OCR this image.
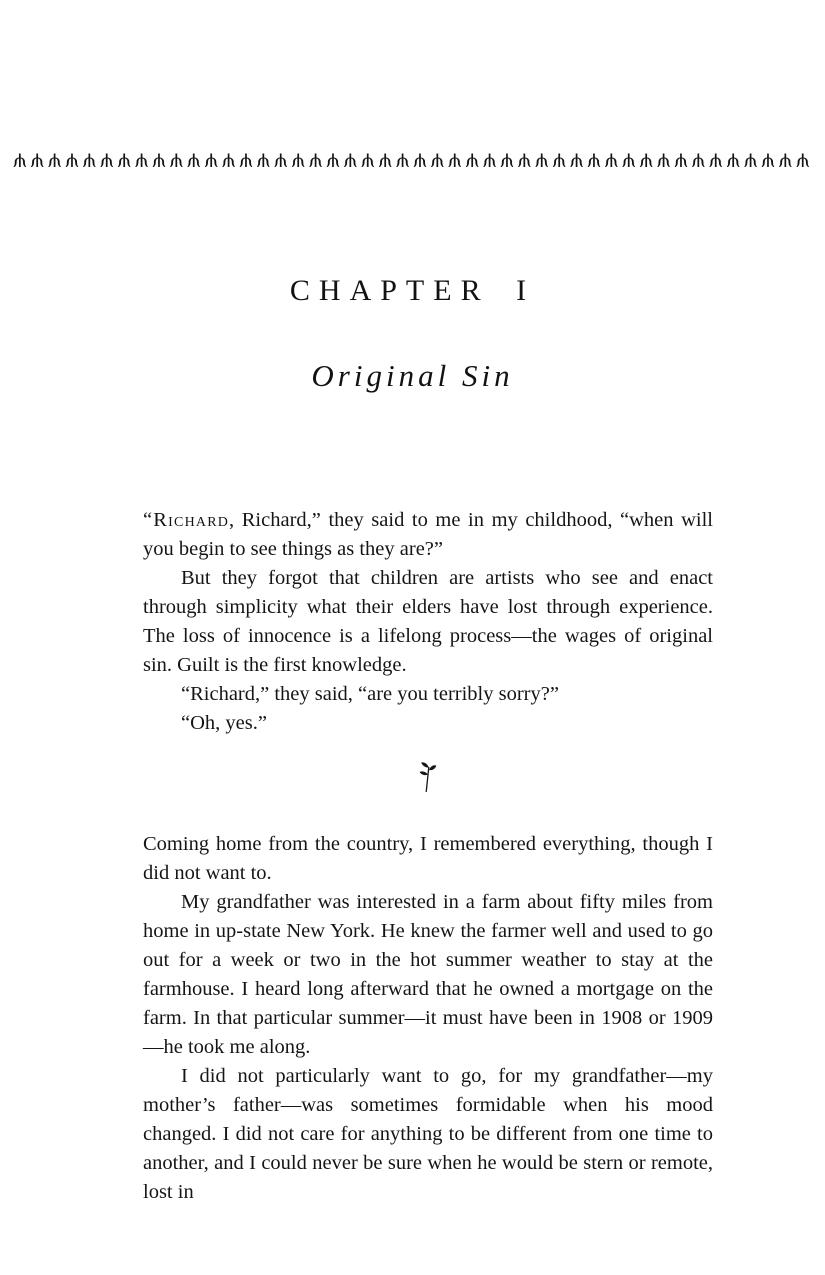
ψψψψψψψψψψψψψψψψψψψψψψψψψψψψψψψψψψψψψψψψψψψψψψ
CHAPTER I
Original Sin

“Richard, Richard,” they said to me in my childhood, “when will you begin to see things as they are?”

But they forgot that children are artists who see and enact through simplicity what their elders have lost through experience. The loss of innocence is a lifelong process—the wages of original sin. Guilt is the first knowledge.

“Richard,” they said, “are you terribly sorry?”

“Oh, yes.”

Coming home from the country, I remembered everything, though I did not want to.

My grandfather was interested in a farm about fifty miles from home in up-state New York. He knew the farmer well and used to go out for a week or two in the hot summer weather to stay at the farmhouse. I heard long afterward that he owned a mortgage on the farm. In that particular summer—it must have been in 1908 or 1909—he took me along.

I did not particularly want to go, for my grandfather—my mother’s father—was sometimes formidable when his mood changed. I did not care for anything to be different from one time to another, and I could never be sure when he would be stern or remote, lost in
